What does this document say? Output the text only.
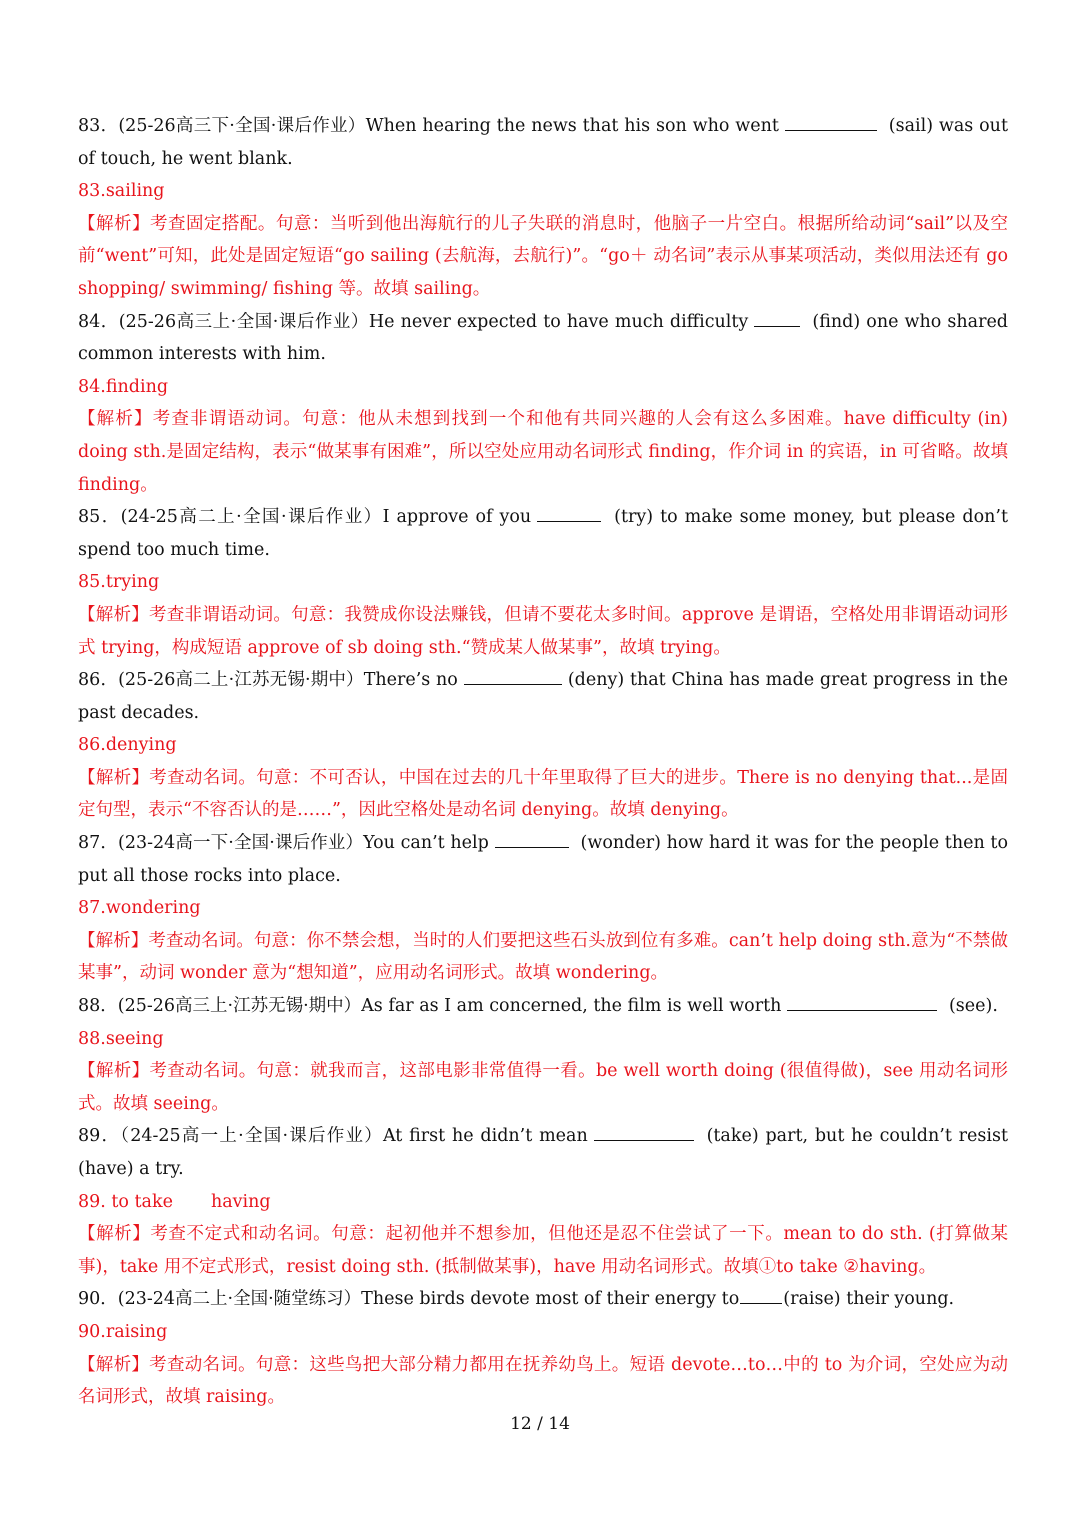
83．(25-26高三下·全国·课后作业）When hearing the news that his son who went	(sail) was out of touch, he went blank.

83.sailing

【解析】考查固定搭配。句意：当听到他出海航行的儿子失联的消息时，他脑子一片空白。根据所给动词“sail”以及空前“went”可知，此处是固定短语“go sailing (去航海，去航行)”。“go＋ 动名词”表示从事某项活动，类似用法还有 go shopping/ swimming/ fishing 等。故填 sailing。

84．(25-26高三上·全国·课后作业）He never expected to have much difficulty	(find) one who shared common interests with him.

84.finding

【解析】考查非谓语动词。句意：他从未想到找到一个和他有共同兴趣的人会有这么多困难。have difficulty (in) doing sth.是固定结构，表示“做某事有困难”，所以空处应用动名词形式 finding，作介词 in 的宾语，in 可省略。故填 finding。

85．(24-25高二上·全国·课后作业）I approve of you	(try) to make some money, but please don’t spend too much time.

85.trying

【解析】考查非谓语动词。句意：我赞成你设法赚钱，但请不要花太多时间。approve 是谓语，空格处用非谓语动词形式 trying，构成短语 approve of sb doing sth.“赞成某人做某事”，故填 trying。

86．(25-26高二上·江苏无锡·期中）There’s no	(deny) that China has made great progress in the past decades.

86.denying

【解析】考查动名词。句意：不可否认，中国在过去的几十年里取得了巨大的进步。There is no denying that...是固定句型，表示“不容否认的是……”，因此空格处是动名词 denying。故填 denying。

87．(23-24高一下·全国·课后作业）You can’t help	(wonder) how hard it was for the people then to put all those rocks into place.

87.wondering

【解析】考查动名词。句意：你不禁会想，当时的人们要把这些石头放到位有多难。can’t help doing sth.意为“不禁做某事”，动词 wonder 意为“想知道”，应用动名词形式。故填 wondering。

88．(25-26高三上·江苏无锡·期中）As far as I am concerned, the film is well worth	(see).

88.seeing

【解析】考查动名词。句意：就我而言，这部电影非常值得一看。be well worth doing (很值得做)，see 用动名词形式。故填 seeing。

89．（24-25高一上·全国·课后作业）At first he didn’t mean	(take) part, but he couldn’t resist (have) a try.

89. to take having

【解析】考查不定式和动名词。句意：起初他并不想参加，但他还是忍不住尝试了一下。mean to do sth. (打算做某事)，take 用不定式形式，resist doing sth. (抵制做某事)，have 用动名词形式。故填①to take ②having。

90．(23-24高二上·全国·随堂练习）These birds devote most of their energy to	(raise) their young.

90.raising

【解析】考查动名词。句意：这些鸟把大部分精力都用在抚养幼鸟上。短语 devote…to…中的 to 为介词，空处应为动名词形式，故填 raising。

12 / 14
